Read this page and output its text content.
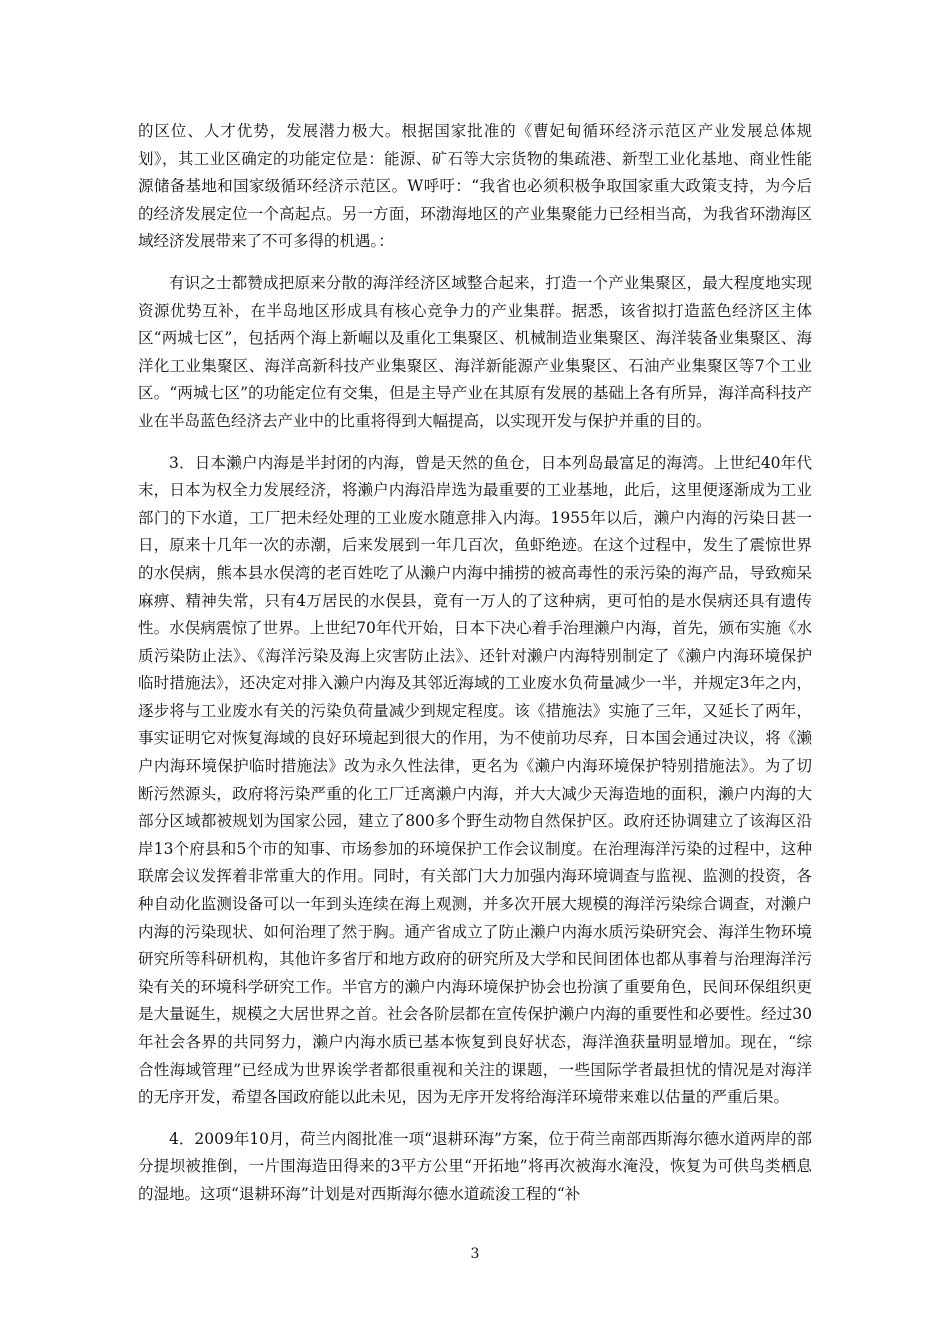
的区位、人才优势，发展潜力极大。根据国家批准的《曹妃甸循环经济示范区产业发展总体规划》，其工业区确定的功能定位是：能源、矿石等大宗货物的集疏港、新型工业化基地、商业性能源储备基地和国家级循环经济示范区。W呼吁：“我省也必须积极争取国家重大政策支持，为今后的经济发展定位一个高起点。另一方面，环渤海地区的产业集聚能力已经相当高，为我省环渤海区域经济发展带来了不可多得的机遇。：

有识之士都赞成把原来分散的海洋经济区域整合起来，打造一个产业集聚区，最大程度地实现资源优势互补，在半岛地区形成具有核心竞争力的产业集群。据悉，该省拟打造蓝色经济区主体区“两城七区”，包括两个海上新崛以及重化工集聚区、机械制造业集聚区、海洋装备业集聚区、海洋化工业集聚区、海洋高新科技产业集聚区、海洋新能源产业集聚区、石油产业集聚区等7个工业区。“两城七区”的功能定位有交集，但是主导产业在其原有发展的基础上各有所异，海洋高科技产业在半岛蓝色经济去产业中的比重将得到大幅提高，以实现开发与保护并重的目的。

3．日本濑户内海是半封闭的内海，曾是天然的鱼仓，日本列岛最富足的海湾。上世纪40年代末，日本为权全力发展经济，将濑户内海沿岸选为最重要的工业基地，此后，这里便逐渐成为工业部门的下水道，工厂把未经处理的工业废水随意排入内海。1955年以后，濑户内海的污染日甚一日，原来十几年一次的赤潮，后来发展到一年几百次，鱼虾绝迹。在这个过程中，发生了震惊世界的水俣病，熊本县水俣湾的老百姓吃了从濑户内海中捕捞的被高毒性的汞污染的海产品，导致痴呆麻痹、精神失常，只有4万居民的水俣县，竟有一万人的了这种病，更可怕的是水俣病还具有遗传性。水俣病震惊了世界。上世纪70年代开始，日本下决心着手治理濑户内海，首先，颁布实施《水质污染防止法》、《海洋污染及海上灾害防止法》、还针对濑户内海特别制定了《濑户内海环境保护临时措施法》，还决定对排入濑户内海及其邻近海域的工业废水负荷量减少一半，并规定3年之内，逐步将与工业废水有关的污染负荷量减少到规定程度。该《措施法》实施了三年，又延长了两年，事实证明它对恢复海域的良好环境起到很大的作用，为不使前功尽弃，日本国会通过决议，将《濑户内海环境保护临时措施法》改为永久性法律，更名为《濑户内海环境保护特别措施法》。为了切断污然源头，政府将污染严重的化工厂迁离濑户内海，并大大减少天海造地的面积，濑户内海的大部分区域都被规划为国家公园，建立了800多个野生动物自然保护区。政府还协调建立了该海区沿岸13个府县和5个市的知事、市场参加的环境保护工作会议制度。在治理海洋污染的过程中，这种联席会议发挥着非常重大的作用。同时，有关部门大力加强内海环境调查与监视、监测的投资，各种自动化监测设备可以一年到头连续在海上观测，并多次开展大规模的海洋污染综合调查，对濑户内海的污染现状、如何治理了然于胸。通产省成立了防止濑户内海水质污染研究会、海洋生物环境研究所等科研机构，其他许多省厅和地方政府的研究所及大学和民间团体也都从事着与治理海洋污染有关的环境科学研究工作。半官方的濑户内海环境保护协会也扮演了重要角色，民间环保组织更是大量诞生，规模之大居世界之首。社会各阶层都在宣传保护濑户内海的重要性和必要性。经过30年社会各界的共同努力，濑户内海水质已基本恢复到良好状态，海洋渔获量明显增加。现在，“综合性海域管理”已经成为世界诶学者都很重视和关注的课题，一些国际学者最担忧的情况是对海洋的无序开发，希望各国政府能以此未见，因为无序开发将给海洋环境带来难以估量的严重后果。

4．2009年10月，荷兰内阁批准一项“退耕环海”方案，位于荷兰南部西斯海尔德水道两岸的部分提坝被推倒，一片围海造田得来的3平方公里“开拓地”将再次被海水淹没，恢复为可供鸟类栖息的湿地。这项“退耕环海”计划是对西斯海尔德水道疏浚工程的“补

3
